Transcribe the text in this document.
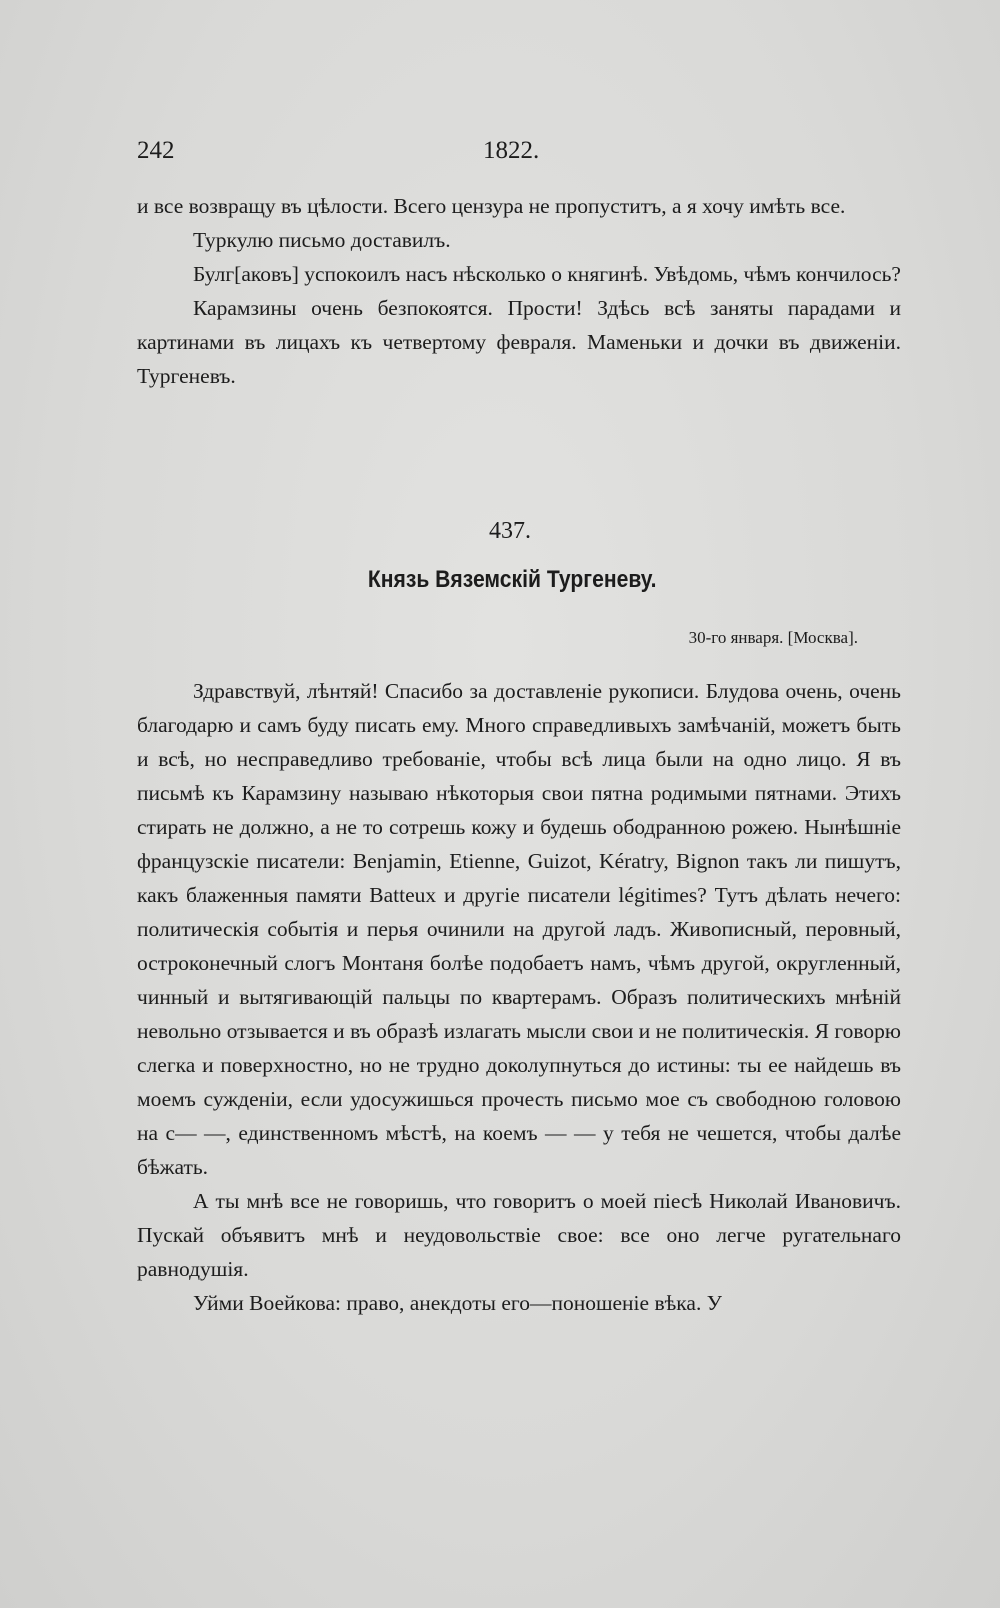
242	1822.

и все возвращу въ цѣлости. Всего цензура не пропуститъ, а я хочу имѣть все.

Туркулю письмо доставилъ.

Булг[аковъ] успокоилъ насъ нѣсколько о княгинѣ. Увѣдомь, чѣмъ кончилось?

Карамзины очень безпокоятся. Прости! Здѣсь всѣ заняты парадами и картинами въ лицахъ къ четвертому февраля. Маменьки и дочки въ движеніи. Тургеневъ.

437.
Князь Вяземскій Тургеневу.
30-го января. [Москва].

Здравствуй, лѣнтяй! Спасибо за доставленіе рукописи. Блудова очень, очень благодарю и самъ буду писать ему. Много справедливыхъ замѣчаній, можетъ быть и всѣ, но несправедливо требованіе, чтобы всѣ лица были на одно лицо. Я въ письмѣ къ Карамзину называю нѣкоторыя свои пятна родимыми пятнами. Этихъ стирать не должно, а не то сотрешь кожу и будешь ободранною рожею. Нынѣшніе французскіе писатели: Benjamin, Etienne, Guizot, Kératry, Bignon такъ ли пишутъ, какъ блаженныя памяти Batteux и другіе писатели légitimes? Тутъ дѣлать нечего: политическія событія и перья очинили на другой ладъ. Живописный, перовный, остроконечный слогъ Монтаня болѣе подобаетъ намъ, чѣмъ другой, округленный, чинный и вытягивающій пальцы по квартерамъ. Образъ политическихъ мнѣній невольно отзывается и въ образѣ излагать мысли свои и не политическія. Я говорю слегка и поверхностно, но не трудно доколупнуться до истины: ты ее найдешь въ моемъ сужденіи, если удосужишься прочесть письмо мое съ свободною головою на с— —, единственномъ мѣстѣ, на коемъ — — у тебя не чешется, чтобы далѣе бѣжать.

А ты мнѣ все не говоришь, что говоритъ о моей піесѣ Николай Ивановичъ. Пускай объявитъ мнѣ и неудовольствіе свое: все оно легче ругательнаго равнодушія.

Уйми Воейкова: право, анекдоты его—поношеніе вѣка. У
